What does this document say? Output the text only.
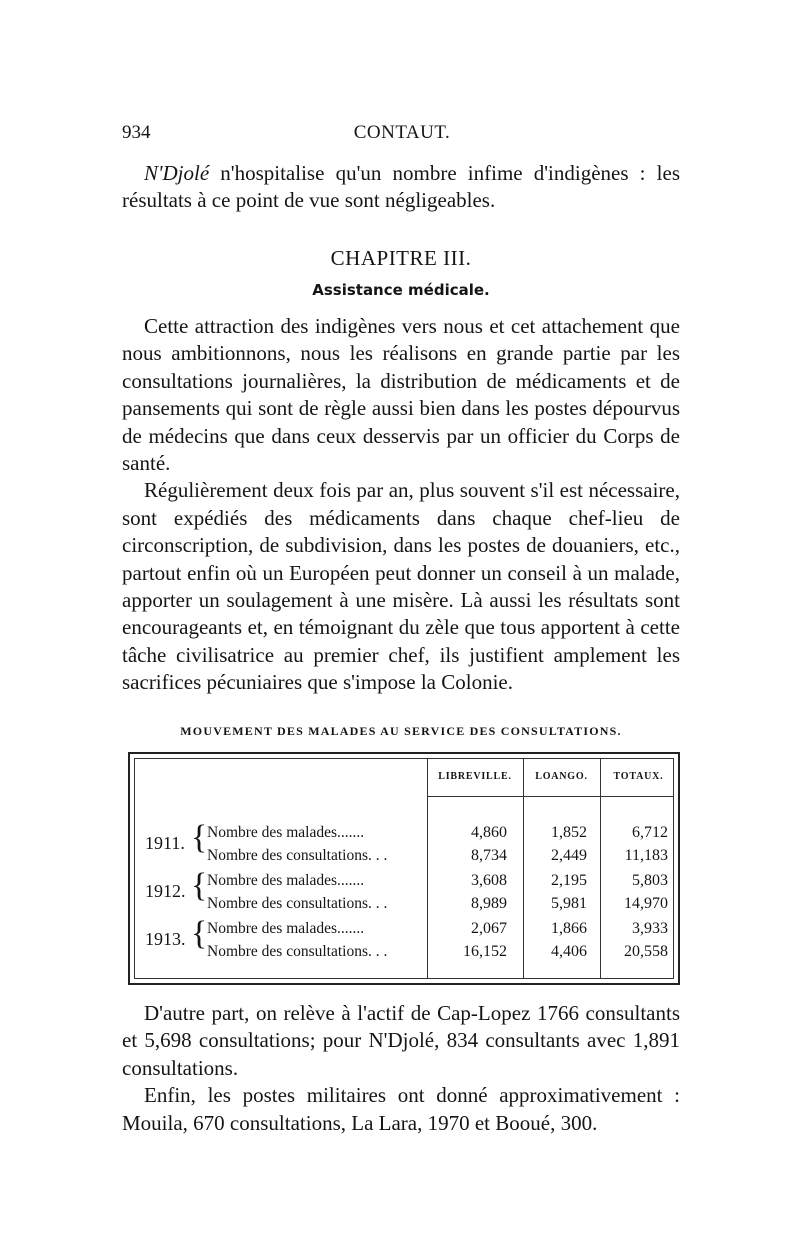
934	CONTAUT.

N'Djolé n'hospitalise qu'un nombre infime d'indigènes : les résultats à ce point de vue sont négligeables.

CHAPITRE III.
Assistance médicale.

Cette attraction des indigènes vers nous et cet attachement que nous ambitionnons, nous les réalisons en grande partie par les consultations journalières, la distribution de médicaments et de pansements qui sont de règle aussi bien dans les postes dépourvus de médecins que dans ceux desservis par un officier du Corps de santé.

Régulièrement deux fois par an, plus souvent s'il est nécessaire, sont expédiés des médicaments dans chaque chef-lieu de circonscription, de subdivision, dans les postes de douaniers, etc., partout enfin où un Européen peut donner un conseil à un malade, apporter un soulagement à une misère. Là aussi les résultats sont encourageants et, en témoignant du zèle que tous apportent à cette tâche civilisatrice au premier chef, ils justifient amplement les sacrifices pécuniaires que s'impose la Colonie.

MOUVEMENT DES MALADES AU SERVICE DES CONSULTATIONS.
LIBREVILLE.	LOANGO.	TOTAUX.
1911. { Nombre des malades.......	4,860	1,852	6,712
Nombre des consultations. . .	8,734	2,449	11,183
1912. { Nombre des malades.......	3,608	2,195	5,803
Nombre des consultations. . .	8,989	5,981	14,970
1913. { Nombre des malades.......	2,067	1,866	3,933
Nombre des consultations. . .	16,152	4,406	20,558

D'autre part, on relève à l'actif de Cap-Lopez 1766 consultants et 5,698 consultations; pour N'Djolé, 834 consultants avec 1,891 consultations.

Enfin, les postes militaires ont donné approximativement : Mouila, 670 consultations, La Lara, 1970 et Booué, 300.
